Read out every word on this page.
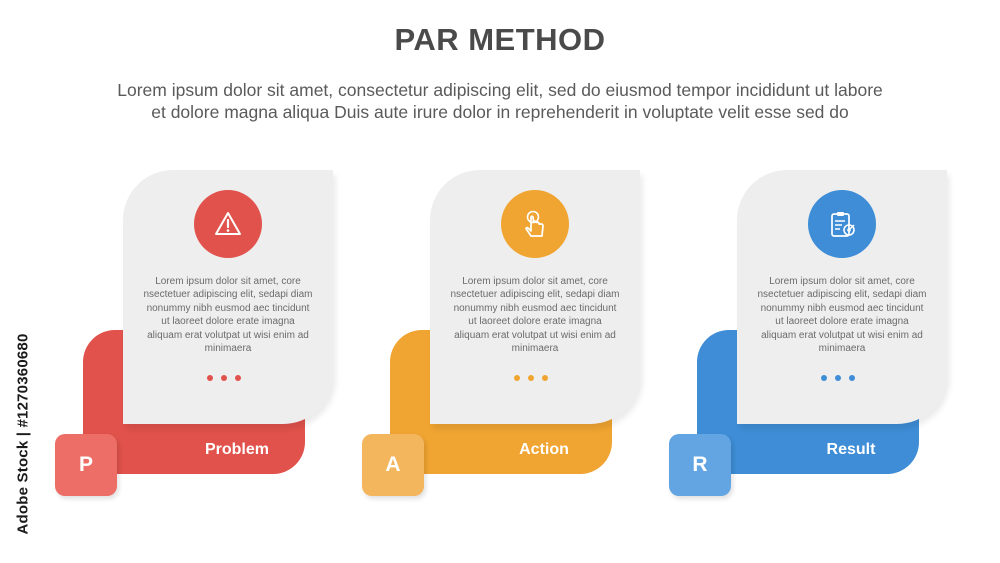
PAR METHOD
Lorem ipsum dolor sit amet, consectetur adipiscing elit, sed do eiusmod tempor incididunt ut labore
et dolore magna aliqua Duis aute irure dolor in reprehenderit in voluptate velit esse sed do
Adobe Stock | #1270360680
Lorem ipsum dolor sit amet, core nsectetuer adipiscing elit, sedapi diam nonummy nibh eusmod aec tincidunt ut laoreet dolore erate imagna aliquam erat volutpat ut wisi enim ad minimaera
Problem
P
Lorem ipsum dolor sit amet, core nsectetuer adipiscing elit, sedapi diam nonummy nibh eusmod aec tincidunt ut laoreet dolore erate imagna aliquam erat volutpat ut wisi enim ad minimaera
Action
A
Lorem ipsum dolor sit amet, core nsectetuer adipiscing elit, sedapi diam nonummy nibh eusmod aec tincidunt ut laoreet dolore erate imagna aliquam erat volutpat ut wisi enim ad minimaera
Result
R
